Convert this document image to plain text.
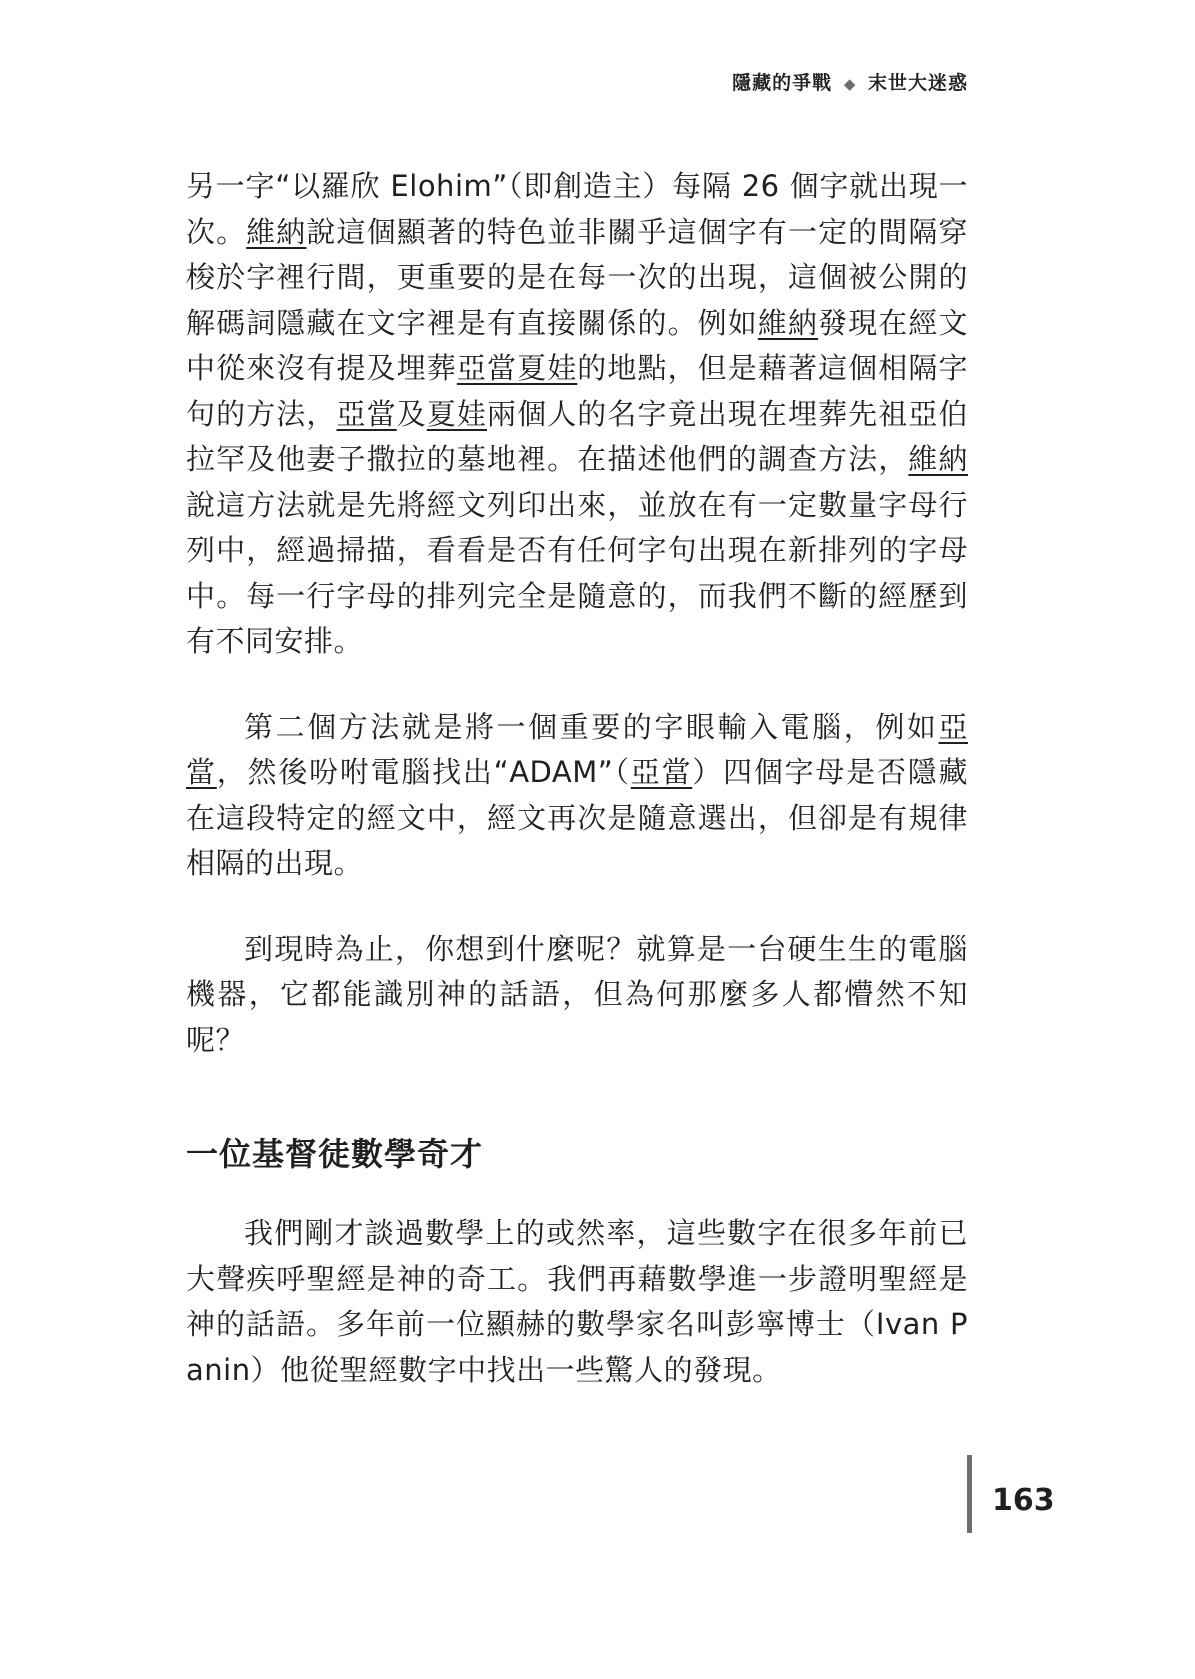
隱藏的爭戰 ◆ 末世大迷惑

另一字“以羅欣 Elohim”（即創造主）每隔 26 個字就出現一次。維納說這個顯著的特色並非關乎這個字有一定的間隔穿梭於字裡行間，更重要的是在每一次的出現，這個被公開的解碼詞隱藏在文字裡是有直接關係的。例如維納發現在經文中從來沒有提及埋葬亞當夏娃的地點，但是藉著這個相隔字句的方法，亞當及夏娃兩個人的名字竟出現在埋葬先祖亞伯拉罕及他妻子撒拉的墓地裡。在描述他們的調查方法，維納說這方法就是先將經文列印出來，並放在有一定數量字母行列中，經過掃描，看看是否有任何字句出現在新排列的字母中。每一行字母的排列完全是隨意的，而我們不斷的經歷到有不同安排。

第二個方法就是將一個重要的字眼輸入電腦，例如亞當，然後吩咐電腦找出“ADAM”（亞當）四個字母是否隱藏在這段特定的經文中，經文再次是隨意選出，但卻是有規律相隔的出現。

到現時為止，你想到什麼呢？就算是一台硬生生的電腦機器，它都能識別神的話語，但為何那麼多人都懵然不知呢？

一位基督徒數學奇才

我們剛才談過數學上的或然率，這些數字在很多年前已大聲疾呼聖經是神的奇工。我們再藉數學進一步證明聖經是神的話語。多年前一位顯赫的數學家名叫彭寧博士（Ivan Panin）他從聖經數字中找出一些驚人的發現。

163
